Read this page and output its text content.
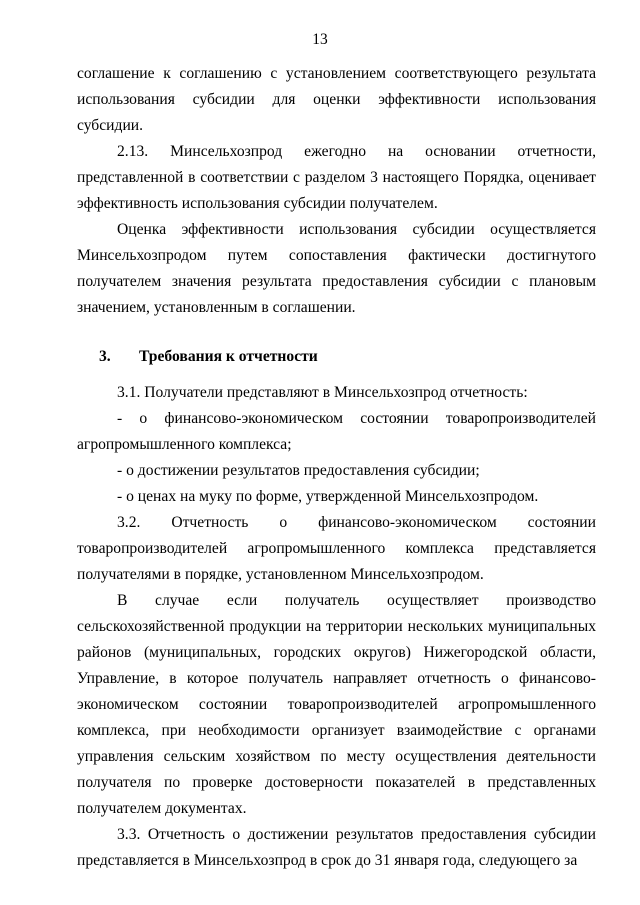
13

соглашение к соглашению с установлением соответствующего результата использования субсидии для оценки эффективности использования субсидии.

2.13. Минсельхозпрод ежегодно на основании отчетности, представленной в соответствии с разделом 3 настоящего Порядка, оценивает эффективность использования субсидии получателем.

Оценка эффективности использования субсидии осуществляется Минсельхозпродом путем сопоставления фактически достигнутого получателем значения результата предоставления субсидии с плановым значением, установленным в соглашении.

3. Требования к отчетности

3.1. Получатели представляют в Минсельхозпрод отчетность:

- о финансово-экономическом состоянии товаропроизводителей агропромышленного комплекса;

- о достижении результатов предоставления субсидии;

- о ценах на муку по форме, утвержденной Минсельхозпродом.

3.2. Отчетность о финансово-экономическом состоянии товаропроизводителей агропромышленного комплекса представляется получателями в порядке, установленном Минсельхозпродом.

В случае если получатель осуществляет производство сельскохозяйственной продукции на территории нескольких муниципальных районов (муниципальных, городских округов) Нижегородской области, Управление, в которое получатель направляет отчетность о финансово-экономическом состоянии товаропроизводителей агропромышленного комплекса, при необходимости организует взаимодействие с органами управления сельским хозяйством по месту осуществления деятельности получателя по проверке достоверности показателей в представленных получателем документах.

3.3. Отчетность о достижении результатов предоставления субсидии представляется в Минсельхозпрод в срок до 31 января года, следующего за
